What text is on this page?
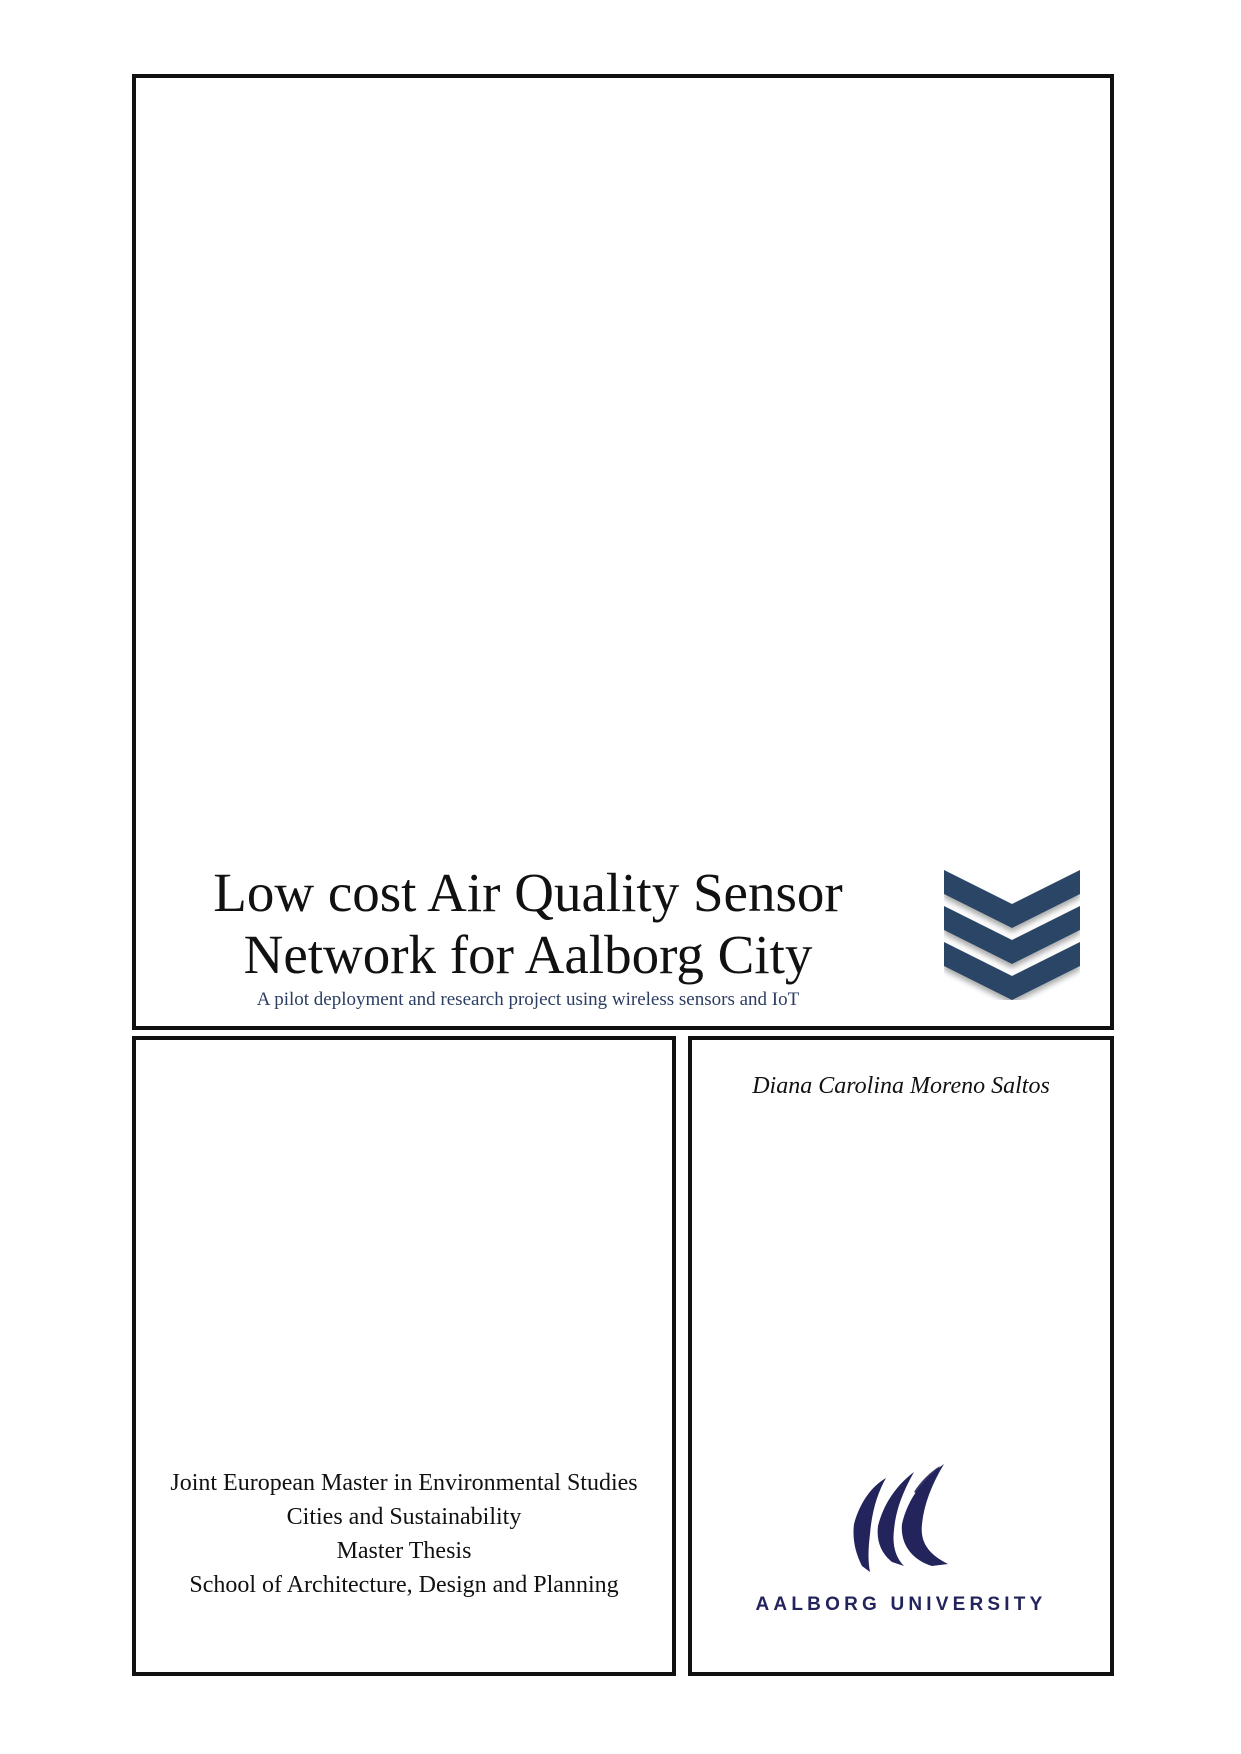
Low cost Air Quality Sensor
Network for Aalborg City
A pilot deployment and research project using wireless sensors and IoT
Joint European Master in Environmental Studies
Cities and Sustainability
Master Thesis
School of Architecture, Design and Planning
Diana Carolina Moreno Saltos
AALBORG UNIVERSITY
